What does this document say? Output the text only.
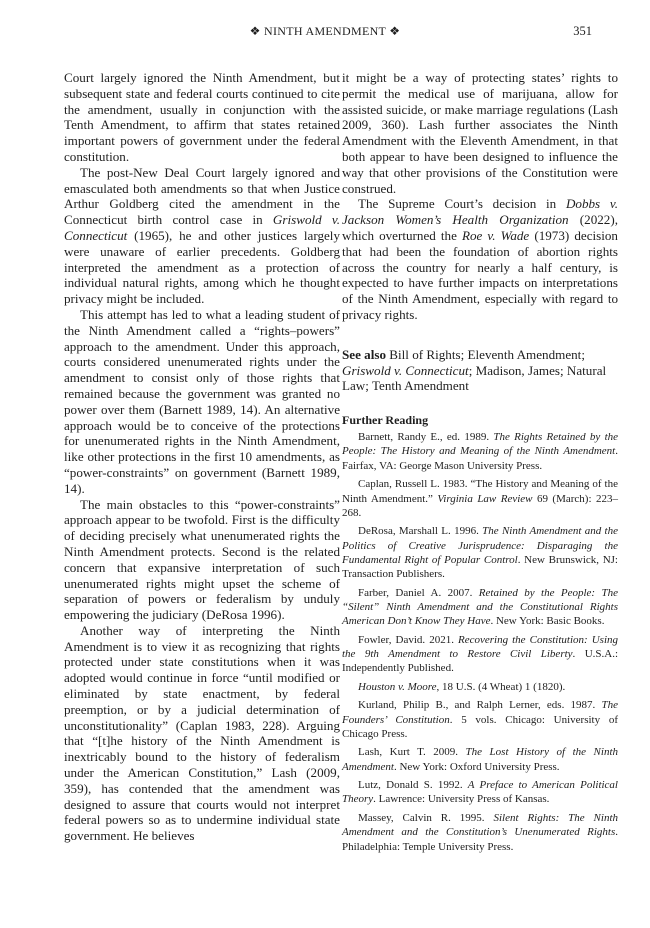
❖ NINTH AMENDMENT ❖	351

Court largely ignored the Ninth Amendment, but subsequent state and federal courts continued to cite the amendment, usually in conjunction with the Tenth Amendment, to affirm that states retained important powers of government under the federal constitution.

The post-New Deal Court largely ignored and emasculated both amendments so that when Justice Arthur Goldberg cited the amendment in the Connecticut birth control case in Griswold v. Connecticut (1965), he and other justices largely were unaware of earlier precedents. Goldberg interpreted the amendment as a protection of individual natural rights, among which he thought privacy might be included.

This attempt has led to what a leading student of the Ninth Amendment called a “rights–powers” approach to the amendment. Under this approach, courts considered unenumerated rights under the amendment to consist only of those rights that remained because the government was granted no power over them (Barnett 1989, 14). An alternative approach would be to conceive of the protections for unenumerated rights in the Ninth Amendment, like other protections in the first 10 amendments, as “power-constraints” on government (Barnett 1989, 14).

The main obstacles to this “power-constraints” approach appear to be twofold. First is the difficulty of deciding precisely what unenumerated rights the Ninth Amendment protects. Second is the related concern that expansive interpretation of such unenumerated rights might upset the scheme of separation of powers or federalism by unduly empowering the judiciary (DeRosa 1996).

Another way of interpreting the Ninth Amendment is to view it as recognizing that rights protected under state constitutions when it was adopted would continue in force “until modified or eliminated by state enactment, by federal preemption, or by a judicial determination of unconstitutionality” (Caplan 1983, 228). Arguing that “[t]he history of the Ninth Amendment is inextricably bound to the history of federalism under the American Constitution,” Lash (2009, 359), has contended that the amendment was designed to assure that courts would not interpret federal powers so as to undermine individual state government. He believes

it might be a way of protecting states’ rights to permit the medical use of marijuana, allow for assisted suicide, or make marriage regulations (Lash 2009, 360). Lash further associates the Ninth Amendment with the Eleventh Amendment, in that both appear to have been designed to influence the way that other provisions of the Constitution were construed.

The Supreme Court’s decision in Dobbs v. Jackson Women’s Health Organization (2022), which overturned the Roe v. Wade (1973) decision that had been the foundation of abortion rights across the country for nearly a half century, is expected to have further impacts on interpretations of the Ninth Amendment, especially with regard to privacy rights.

See also Bill of Rights; Eleventh Amendment; Griswold v. Connecticut; Madison, James; Natural Law; Tenth Amendment

Further Reading

Barnett, Randy E., ed. 1989. The Rights Retained by the People: The History and Meaning of the Ninth Amendment. Fairfax, VA: George Mason University Press.

Caplan, Russell L. 1983. “The History and Meaning of the Ninth Amendment.” Virginia Law Review 69 (March): 223–268.

DeRosa, Marshall L. 1996. The Ninth Amendment and the Politics of Creative Jurisprudence: Disparaging the Fundamental Right of Popular Control. New Brunswick, NJ: Transaction Publishers.

Farber, Daniel A. 2007. Retained by the People: The “Silent” Ninth Amendment and the Constitutional Rights American Don’t Know They Have. New York: Basic Books.

Fowler, David. 2021. Recovering the Constitution: Using the 9th Amendment to Restore Civil Liberty. U.S.A.: Independently Published.

Houston v. Moore, 18 U.S. (4 Wheat) 1 (1820).

Kurland, Philip B., and Ralph Lerner, eds. 1987. The Founders’ Constitution. 5 vols. Chicago: University of Chicago Press.

Lash, Kurt T. 2009. The Lost History of the Ninth Amendment. New York: Oxford University Press.

Lutz, Donald S. 1992. A Preface to American Political Theory. Lawrence: University Press of Kansas.

Massey, Calvin R. 1995. Silent Rights: The Ninth Amendment and the Constitution’s Unenumerated Rights. Philadelphia: Temple University Press.
